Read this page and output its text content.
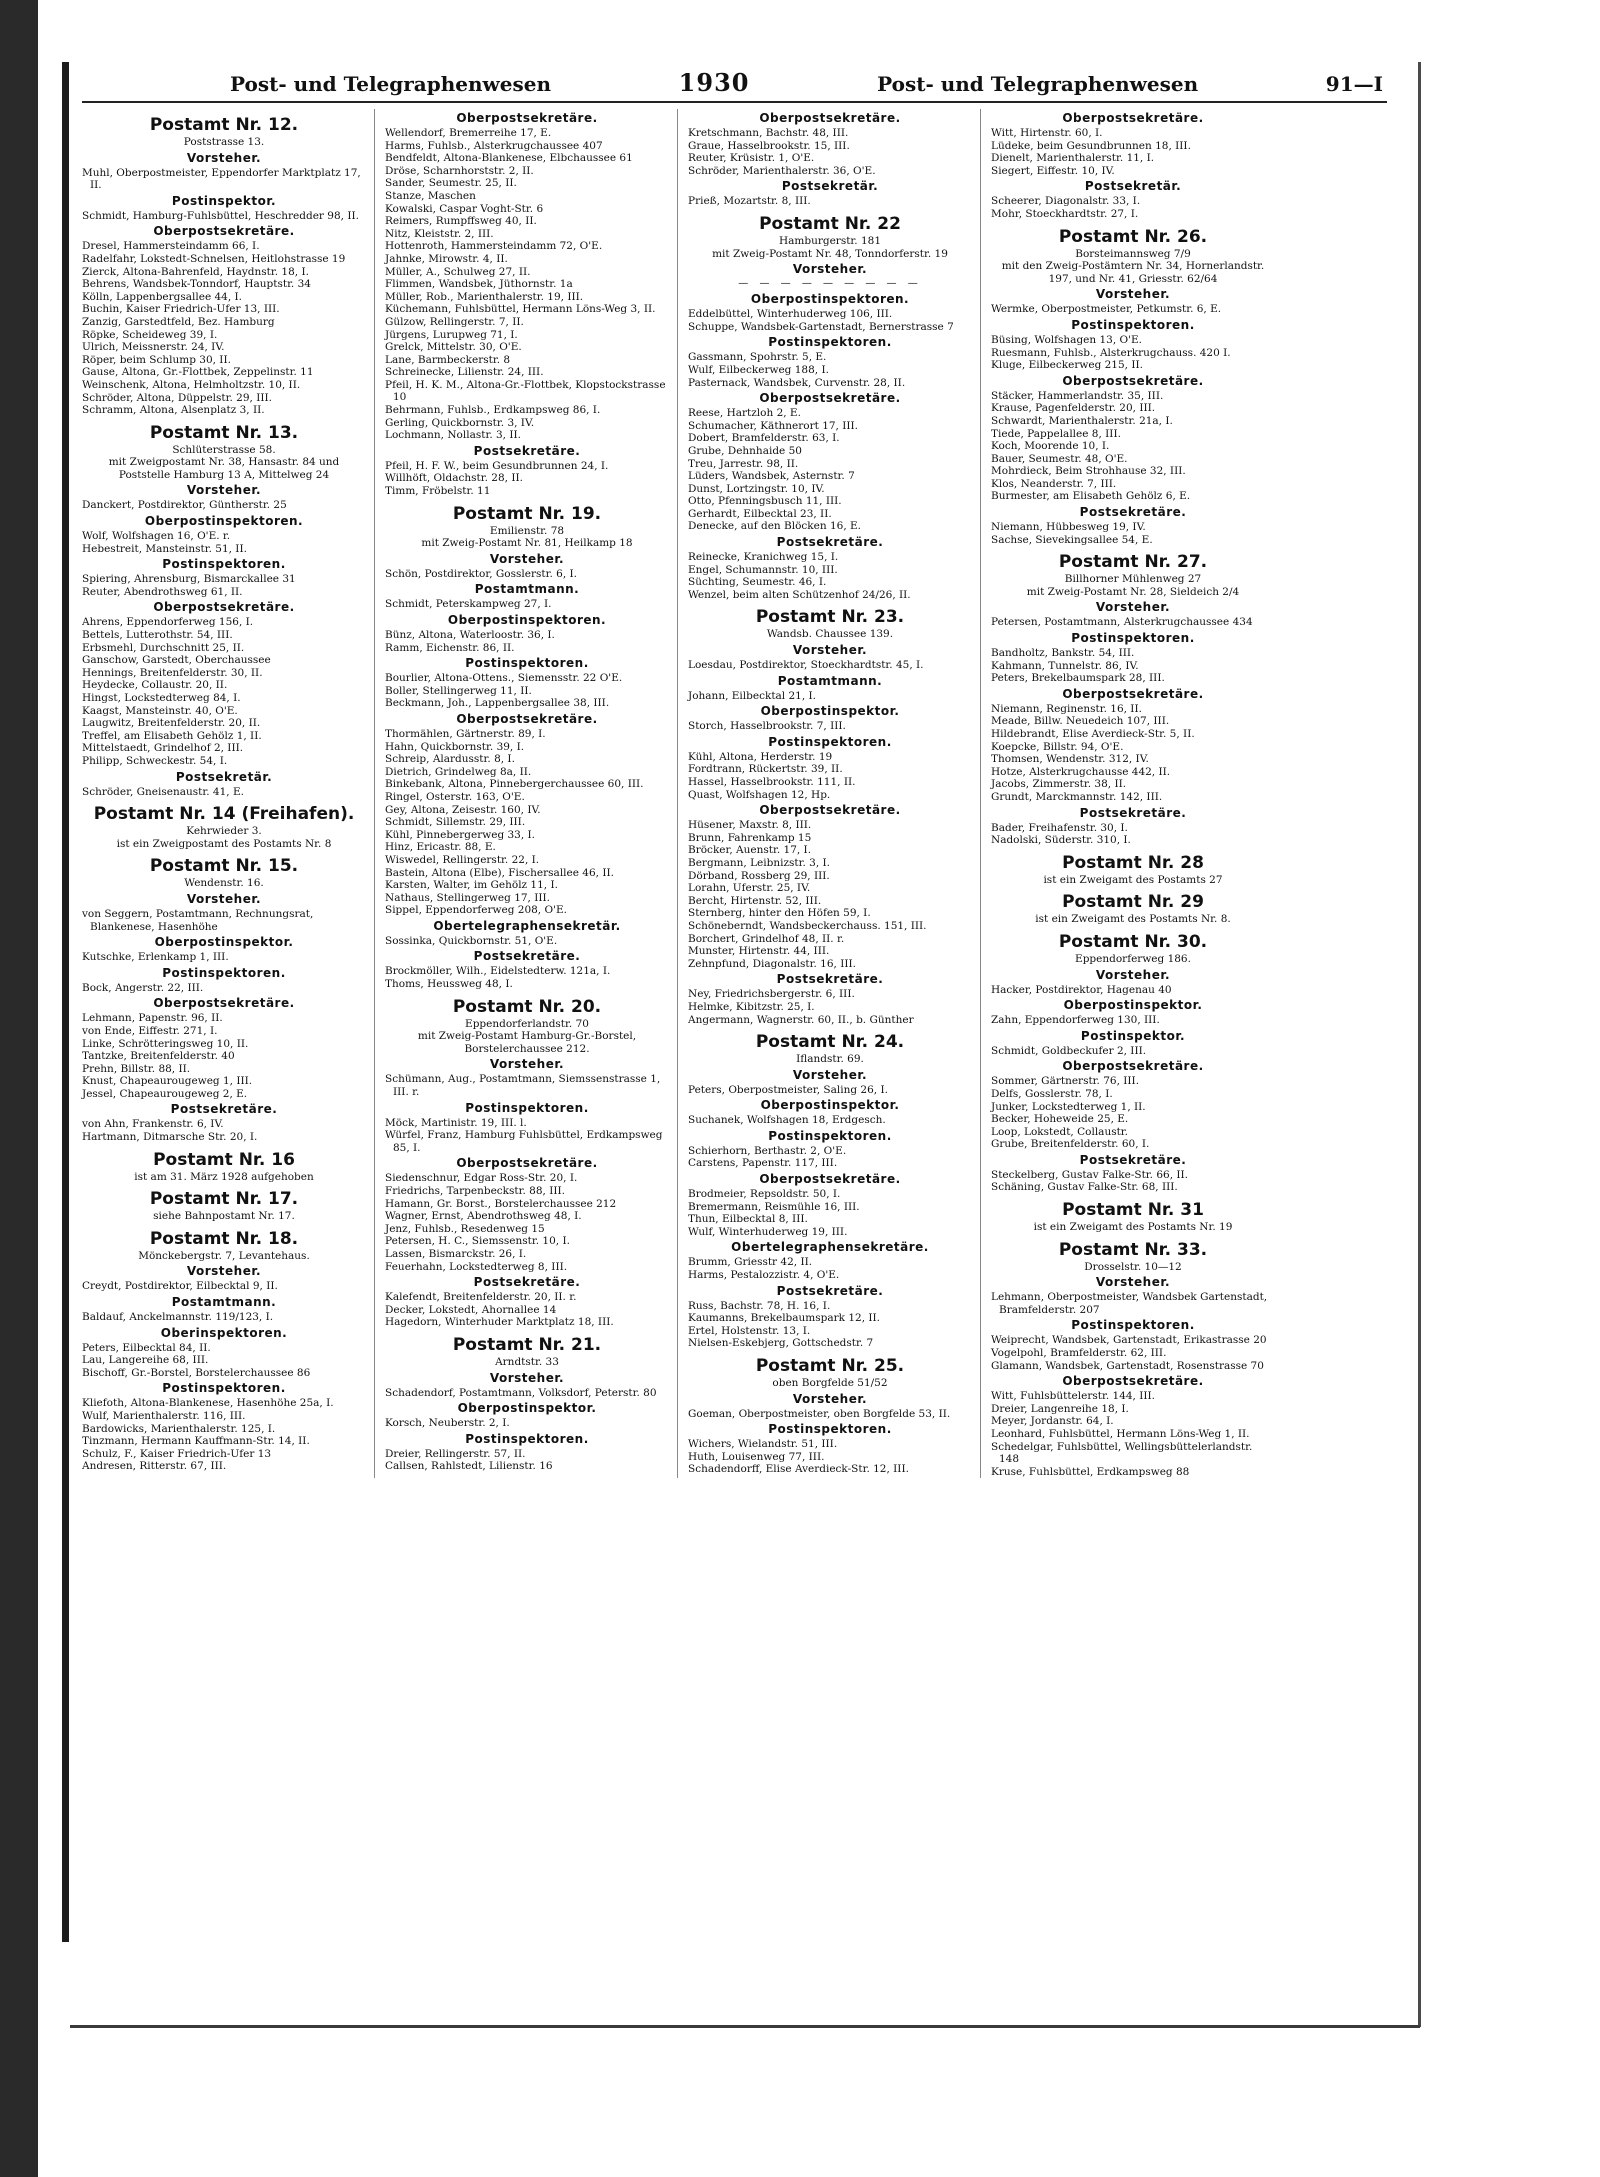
Post- und Telegraphenwesen	1930	Post- und Telegraphenwesen	91—I
Postamt Nr. 12.
Poststrasse 13.
Vorsteher.
Muhl, Oberpostmeister, Eppendorfer Marktplatz 17, II.
Postinspektor.
Schmidt, Hamburg-Fuhlsbüttel, Heschredder 98, II.
Oberpostsekretäre.
Dresel, Hammersteindamm 66, I.
Radelfahr, Lokstedt-Schnelsen, Heitlohstrasse 19
Zierck, Altona-Bahrenfeld, Haydnstr. 18, I.
Behrens, Wandsbek-Tonndorf, Hauptstr. 34
Kölln, Lappenbergsallee 44, I.
Buchin, Kaiser Friedrich-Ufer 13, III.
Zanzig, Garstedtfeld, Bez. Hamburg
Röpke, Scheideweg 39, I.
Ulrich, Meissnerstr. 24, IV.
Röper, beim Schlump 30, II.
Gause, Altona, Gr.-Flottbek, Zeppelinstr. 11
Weinschenk, Altona, Helmholtzstr. 10, II.
Schröder, Altona, Düppelstr. 29, III.
Schramm, Altona, Alsenplatz 3, II.
Postamt Nr. 13.
Schlüterstrasse 58.
mit Zweigpostamt Nr. 38, Hansastr. 84 und Poststelle Hamburg 13 A, Mittelweg 24
Vorsteher.
Danckert, Postdirektor, Güntherstr. 25
Oberpostinspektoren.
Wolf, Wolfshagen 16, O'E. r.
Hebestreit, Mansteinstr. 51, II.
Postinspektoren.
Spiering, Ahrensburg, Bismarckallee 31
Reuter, Abendrothsweg 61, II.
Oberpostsekretäre.
Ahrens, Eppendorferweg 156, I.
Bettels, Lutterothstr. 54, III.
Erbsmehl, Durchschnitt 25, II.
Ganschow, Garstedt, Oberchaussee
Hennings, Breitenfelderstr. 30, II.
Heydecke, Collaustr. 20, II.
Hingst, Lockstedterweg 84, I.
Kaagst, Mansteinstr. 40, O'E.
Laugwitz, Breitenfelderstr. 20, II.
Treffel, am Elisabeth Gehölz 1, II.
Mittelstaedt, Grindelhof 2, III.
Philipp, Schweckestr. 54, I.
Postsekretär.
Schröder, Gneisenaustr. 41, E.
Postamt Nr. 14 (Freihafen).
Kehrwieder 3.
ist ein Zweigpostamt des Postamts Nr. 8
Postamt Nr. 15.
Wendenstr. 16.
Vorsteher.
von Seggern, Postamtmann, Rechnungsrat, Blankenese, Hasenhöhe
Oberpostinspektor.
Kutschke, Erlenkamp 1, III.
Postinspektoren.
Bock, Angerstr. 22, III.
Oberpostsekretäre.
Lehmann, Papenstr. 96, II.
von Ende, Eiffestr. 271, I.
Linke, Schrötteringsweg 10, II.
Tantzke, Breitenfelderstr. 40
Prehn, Billstr. 88, II.
Knust, Chapeaurougeweg 1, III.
Jessel, Chapeaurougeweg 2, E.
Postsekretäre.
von Ahn, Frankenstr. 6, IV.
Hartmann, Ditmarsche Str. 20, I.
Postamt Nr. 16
ist am 31. März 1928 aufgehoben
Postamt Nr. 17.
siehe Bahnpostamt Nr. 17.
Postamt Nr. 18.
Mönckebergstr. 7, Levantehaus.
Vorsteher.
Creydt, Postdirektor, Eilbecktal 9, II.
Postamtmann.
Baldauf, Anckelmannstr. 119/123, I.
Oberinspektoren.
Peters, Eilbecktal 84, II.
Lau, Langereihe 68, III.
Bischoff, Gr.-Borstel, Borstelerchaussee 86
Postinspektoren.
Kliefoth, Altona-Blankenese, Hasenhöhe 25a, I.
Wulf, Marienthalerstr. 116, III.
Bardowicks, Marienthalerstr. 125, I.
Tinzmann, Hermann Kauffmann-Str. 14, II.
Schulz, F., Kaiser Friedrich-Ufer 13
Andresen, Ritterstr. 67, III.
Oberpostsekretäre.
Wellendorf, Bremerreihe 17, E.
Harms, Fuhlsb., Alsterkrugchaussee 407
Bendfeldt, Altona-Blankenese, Elbchaussee 61
Dröse, Scharnhorststr. 2, II.
Sander, Seumestr. 25, II.
Stanze, Maschen
Kowalski, Caspar Voght-Str. 6
Reimers, Rumpffsweg 40, II.
Nitz, Kleiststr. 2, III.
Hottenroth, Hammersteindamm 72, O'E.
Jahnke, Mirowstr. 4, II.
Müller, A., Schulweg 27, II.
Flimmen, Wandsbek, Jüthornstr. 1a
Müller, Rob., Marienthalerstr. 19, III.
Küchemann, Fuhlsbüttel, Hermann Löns-Weg 3, II.
Gülzow, Rellingerstr. 7, II.
Jürgens, Lurupweg 71, I.
Grelck, Mittelstr. 30, O'E.
Lane, Barmbeckerstr. 8
Schreinecke, Lilienstr. 24, III.
Pfeil, H. K. M., Altona-Gr.-Flottbek, Klopstockstrasse 10
Behrmann, Fuhlsb., Erdkampsweg 86, I.
Gerling, Quickbornstr. 3, IV.
Lochmann, Nollastr. 3, II.
Postsekretäre.
Pfeil, H. F. W., beim Gesundbrunnen 24, I.
Willhöft, Oldachstr. 28, II.
Timm, Fröbelstr. 11
Postamt Nr. 19.
Emilienstr. 78
mit Zweig-Postamt Nr. 81, Heilkamp 18
Vorsteher.
Schön, Postdirektor, Gosslerstr. 6, I.
Postamtmann.
Schmidt, Peterskampweg 27, I.
Oberpostinspektoren.
Bünz, Altona, Waterloostr. 36, I.
Ramm, Eichenstr. 86, II.
Postinspektoren.
Bourlier, Altona-Ottens., Siemensstr. 22 O'E.
Boller, Stellingerweg 11, II.
Beckmann, Joh., Lappenbergsallee 38, III.
Oberpostsekretäre.
Thormählen, Gärtnerstr. 89, I.
Hahn, Quickbornstr. 39, I.
Schreip, Alardusstr. 8, I.
Dietrich, Grindelweg 8a, II.
Binkebank, Altona, Pinnebergerchaussee 60, III.
Ringel, Osterstr. 163, O'E.
Gey, Altona, Zeisestr. 160, IV.
Schmidt, Sillemstr. 29, III.
Kühl, Pinnebergerweg 33, I.
Hinz, Ericastr. 88, E.
Wiswedel, Rellingerstr. 22, I.
Bastein, Altona (Elbe), Fischersallee 46, II.
Karsten, Walter, im Gehölz 11, I.
Nathaus, Stellingerweg 17, III.
Sippel, Eppendorferweg 208, O'E.
Obertelegraphensekretär.
Sossinka, Quickbornstr. 51, O'E.
Postsekretäre.
Brockmöller, Wilh., Eidelstedterw. 121a, I.
Thoms, Heussweg 48, I.
Postamt Nr. 20.
Eppendorferlandstr. 70
mit Zweig-Postamt Hamburg-Gr.-Borstel, Borstelerchaussee 212.
Vorsteher.
Schümann, Aug., Postamtmann, Siemssenstrasse 1, III. r.
Postinspektoren.
Möck, Martinistr. 19, III. l.
Würfel, Franz, Hamburg Fuhlsbüttel, Erdkampsweg 85, I.
Oberpostsekretäre.
Siedenschnur, Edgar Ross-Str. 20, I.
Friedrichs, Tarpenbeckstr. 88, III.
Hamann, Gr. Borst., Borstelerchaussee 212
Wagner, Ernst, Abendrothsweg 48, I.
Jenz, Fuhlsb., Resedenweg 15
Petersen, H. C., Siemssenstr. 10, I.
Lassen, Bismarckstr. 26, I.
Feuerhahn, Lockstedterweg 8, III.
Postsekretäre.
Kalefendt, Breitenfelderstr. 20, II. r.
Decker, Lokstedt, Ahornallee 14
Hagedorn, Winterhuder Marktplatz 18, III.
Postamt Nr. 21.
Arndtstr. 33
Vorsteher.
Schadendorf, Postamtmann, Volksdorf, Peterstr. 80
Oberpostinspektor.
Korsch, Neuberstr. 2, I.
Postinspektoren.
Dreier, Rellingerstr. 57, II.
Callsen, Rahlstedt, Lilienstr. 16
Oberpostsekretäre.
Kretschmann, Bachstr. 48, III.
Graue, Hasselbrookstr. 15, III.
Reuter, Krüsistr. 1, O'E.
Schröder, Marienthalerstr. 36, O'E.
Postsekretär.
Prieß, Mozartstr. 8, III.
Postamt Nr. 22
Hamburgerstr. 181
mit Zweig-Postamt Nr. 48, Tonndorferstr. 19
Vorsteher.
— — — — — — — — —
Oberpostinspektoren.
Eddelbüttel, Winterhuderweg 106, III.
Schuppe, Wandsbek-Gartenstadt, Bernerstrasse 7
Postinspektoren.
Gassmann, Spohrstr. 5, E.
Wulf, Eilbeckerweg 188, I.
Pasternack, Wandsbek, Curvenstr. 28, II.
Oberpostsekretäre.
Reese, Hartzloh 2, E.
Schumacher, Käthnerort 17, III.
Dobert, Bramfelderstr. 63, I.
Grube, Dehnhaide 50
Treu, Jarrestr. 98, II.
Lüders, Wandsbek, Asternstr. 7
Dunst, Lortzingstr. 10, IV.
Otto, Pfenningsbusch 11, III.
Gerhardt, Eilbecktal 23, II.
Denecke, auf den Blöcken 16, E.
Postsekretäre.
Reinecke, Kranichweg 15, I.
Engel, Schumannstr. 10, III.
Süchting, Seumestr. 46, I.
Wenzel, beim alten Schützenhof 24/26, II.
Postamt Nr. 23.
Wandsb. Chaussee 139.
Vorsteher.
Loesdau, Postdirektor, Stoeckhardtstr. 45, I.
Postamtmann.
Johann, Eilbecktal 21, I.
Oberpostinspektor.
Storch, Hasselbrookstr. 7, III.
Postinspektoren.
Kühl, Altona, Herderstr. 19
Fordtrann, Rückertstr. 39, II.
Hassel, Hasselbrookstr. 111, II.
Quast, Wolfshagen 12, Hp.
Oberpostsekretäre.
Hüsener, Maxstr. 8, III.
Brunn, Fahrenkamp 15
Bröcker, Auenstr. 17, I.
Bergmann, Leibnizstr. 3, I.
Dörband, Rossberg 29, III.
Lorahn, Uferstr. 25, IV.
Bercht, Hirtenstr. 52, III.
Sternberg, hinter den Höfen 59, I.
Schöneberndt, Wandsbeckerchauss. 151, III.
Borchert, Grindelhof 48, II. r.
Munster, Hirtenstr. 44, III.
Zehnpfund, Diagonalstr. 16, III.
Postsekretäre.
Ney, Friedrichsbergerstr. 6, III.
Helmke, Kibitzstr. 25, I.
Angermann, Wagnerstr. 60, II., b. Günther
Postamt Nr. 24.
Iflandstr. 69.
Vorsteher.
Peters, Oberpostmeister, Saling 26, I.
Oberpostinspektor.
Suchanek, Wolfshagen 18, Erdgesch.
Postinspektoren.
Schierhorn, Berthastr. 2, O'E.
Carstens, Papenstr. 117, III.
Oberpostsekretäre.
Brodmeier, Repsoldstr. 50, I.
Bremermann, Reismühle 16, III.
Thun, Eilbecktal 8, III.
Wulf, Winterhuderweg 19, III.
Obertelegraphensekretäre.
Brumm, Griesstr 42, II.
Harms, Pestalozzistr. 4, O'E.
Postsekretäre.
Russ, Bachstr. 78, H. 16, I.
Kaumanns, Brekelbaumspark 12, II.
Ertel, Holstenstr. 13, I.
Nielsen-Eskebjerg, Gottschedstr. 7
Postamt Nr. 25.
oben Borgfelde 51/52
Vorsteher.
Goeman, Oberpostmeister, oben Borgfelde 53, II.
Postinspektoren.
Wichers, Wielandstr. 51, III.
Huth, Louisenweg 77, III.
Schadendorff, Elise Averdieck-Str. 12, III.
Oberpostsekretäre.
Witt, Hirtenstr. 60, I.
Lüdeke, beim Gesundbrunnen 18, III.
Dienelt, Marienthalerstr. 11, I.
Siegert, Eiffestr. 10, IV.
Postsekretär.
Scheerer, Diagonalstr. 33, I.
Mohr, Stoeckhardtstr. 27, I.
Postamt Nr. 26.
Borsteimannsweg 7/9
mit den Zweig-Postämtern Nr. 34, Hornerlandstr. 197, und Nr. 41, Griesstr. 62/64
Vorsteher.
Wermke, Oberpostmeister, Petkumstr. 6, E.
Postinspektoren.
Büsing, Wolfshagen 13, O'E.
Ruesmann, Fuhlsb., Alsterkrugchauss. 420 I.
Kluge, Eilbeckerweg 215, II.
Oberpostsekretäre.
Stäcker, Hammerlandstr. 35, III.
Krause, Pagenfelderstr. 20, III.
Schwardt, Marienthalerstr. 21a, I.
Tiede, Pappelallee 8, III.
Koch, Moorende 10, I.
Bauer, Seumestr. 48, O'E.
Mohrdieck, Beim Strohhause 32, III.
Klos, Neanderstr. 7, III.
Burmester, am Elisabeth Gehölz 6, E.
Postsekretäre.
Niemann, Hübbesweg 19, IV.
Sachse, Sievekingsallee 54, E.
Postamt Nr. 27.
Billhorner Mühlenweg 27
mit Zweig-Postamt Nr. 28, Sieldeich 2/4
Vorsteher.
Petersen, Postamtmann, Alsterkrugchaussee 434
Postinspektoren.
Bandholtz, Bankstr. 54, III.
Kahmann, Tunnelstr. 86, IV.
Peters, Brekelbaumspark 28, III.
Oberpostsekretäre.
Niemann, Reginenstr. 16, II.
Meade, Billw. Neuedeich 107, III.
Hildebrandt, Elise Averdieck-Str. 5, II.
Koepcke, Billstr. 94, O'E.
Thomsen, Wendenstr. 312, IV.
Hotze, Alsterkrugchausse 442, II.
Jacobs, Zimmerstr. 38, II.
Grundt, Marckmannstr. 142, III.
Postsekretäre.
Bader, Freihafenstr. 30, I.
Nadolski, Süderstr. 310, I.
Postamt Nr. 28
ist ein Zweigamt des Postamts 27
Postamt Nr. 29
ist ein Zweigamt des Postamts Nr. 8.
Postamt Nr. 30.
Eppendorferweg 186.
Vorsteher.
Hacker, Postdirektor, Hagenau 40
Oberpostinspektor.
Zahn, Eppendorferweg 130, III.
Postinspektor.
Schmidt, Goldbeckufer 2, III.
Oberpostsekretäre.
Sommer, Gärtnerstr. 76, III.
Delfs, Gosslerstr. 78, I.
Junker, Lockstedterweg 1, II.
Becker, Hoheweide 25, E.
Loop, Lokstedt, Collaustr.
Grube, Breitenfelderstr. 60, I.
Postsekretäre.
Steckelberg, Gustav Falke-Str. 66, II.
Schäning, Gustav Falke-Str. 68, III.
Postamt Nr. 31
ist ein Zweigamt des Postamts Nr. 19
Postamt Nr. 33.
Drosselstr. 10—12
Vorsteher.
Lehmann, Oberpostmeister, Wandsbek Gartenstadt, Bramfelderstr. 207
Postinspektoren.
Weiprecht, Wandsbek, Gartenstadt, Erikastrasse 20
Vogelpohl, Bramfelderstr. 62, III.
Glamann, Wandsbek, Gartenstadt, Rosenstrasse 70
Oberpostsekretäre.
Witt, Fuhlsbüttelerstr. 144, III.
Dreier, Langenreihe 18, I.
Meyer, Jordanstr. 64, I.
Leonhard, Fuhlsbüttel, Hermann Löns-Weg 1, II.
Schedelgar, Fuhlsbüttel, Wellingsbüttelerlandstr. 148
Kruse, Fuhlsbüttel, Erdkampsweg 88
